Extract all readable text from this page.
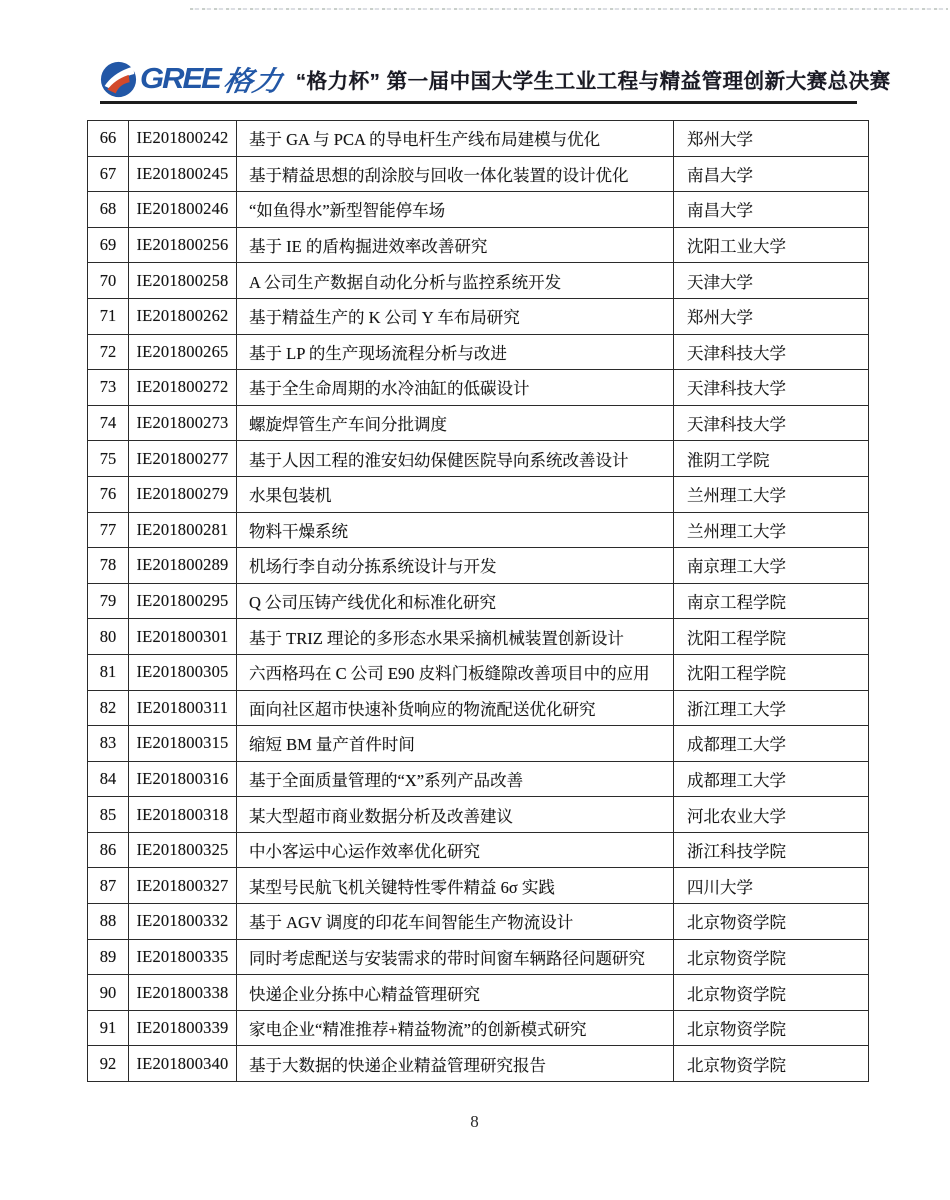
GREE 格力 “格力杯” 第一届中国大学生工业工程与精益管理创新大赛总决赛
66	IE201800242	基于 GA 与 PCA 的导电杆生产线布局建模与优化	郑州大学
67	IE201800245	基于精益思想的刮涂胶与回收一体化装置的设计优化	南昌大学
68	IE201800246	“如鱼得水”新型智能停车场	南昌大学
69	IE201800256	基于 IE 的盾构掘进效率改善研究	沈阳工业大学
70	IE201800258	A 公司生产数据自动化分析与监控系统开发	天津大学
71	IE201800262	基于精益生产的 K 公司 Y 车布局研究	郑州大学
72	IE201800265	基于 LP 的生产现场流程分析与改进	天津科技大学
73	IE201800272	基于全生命周期的水冷油缸的低碳设计	天津科技大学
74	IE201800273	螺旋焊管生产车间分批调度	天津科技大学
75	IE201800277	基于人因工程的淮安妇幼保健医院导向系统改善设计	淮阴工学院
76	IE201800279	水果包装机	兰州理工大学
77	IE201800281	物料干燥系统	兰州理工大学
78	IE201800289	机场行李自动分拣系统设计与开发	南京理工大学
79	IE201800295	Q 公司压铸产线优化和标准化研究	南京工程学院
80	IE201800301	基于 TRIZ 理论的多形态水果采摘机械装置创新设计	沈阳工程学院
81	IE201800305	六西格玛在 C 公司 E90 皮料门板缝隙改善项目中的应用	沈阳工程学院
82	IE201800311	面向社区超市快速补货响应的物流配送优化研究	浙江理工大学
83	IE201800315	缩短 BM 量产首件时间	成都理工大学
84	IE201800316	基于全面质量管理的“X”系列产品改善	成都理工大学
85	IE201800318	某大型超市商业数据分析及改善建议	河北农业大学
86	IE201800325	中小客运中心运作效率优化研究	浙江科技学院
87	IE201800327	某型号民航飞机关键特性零件精益 6σ 实践	四川大学
88	IE201800332	基于 AGV 调度的印花车间智能生产物流设计	北京物资学院
89	IE201800335	同时考虑配送与安装需求的带时间窗车辆路径问题研究	北京物资学院
90	IE201800338	快递企业分拣中心精益管理研究	北京物资学院
91	IE201800339	家电企业“精准推荐+精益物流”的创新模式研究	北京物资学院
92	IE201800340	基于大数据的快递企业精益管理研究报告	北京物资学院
8
